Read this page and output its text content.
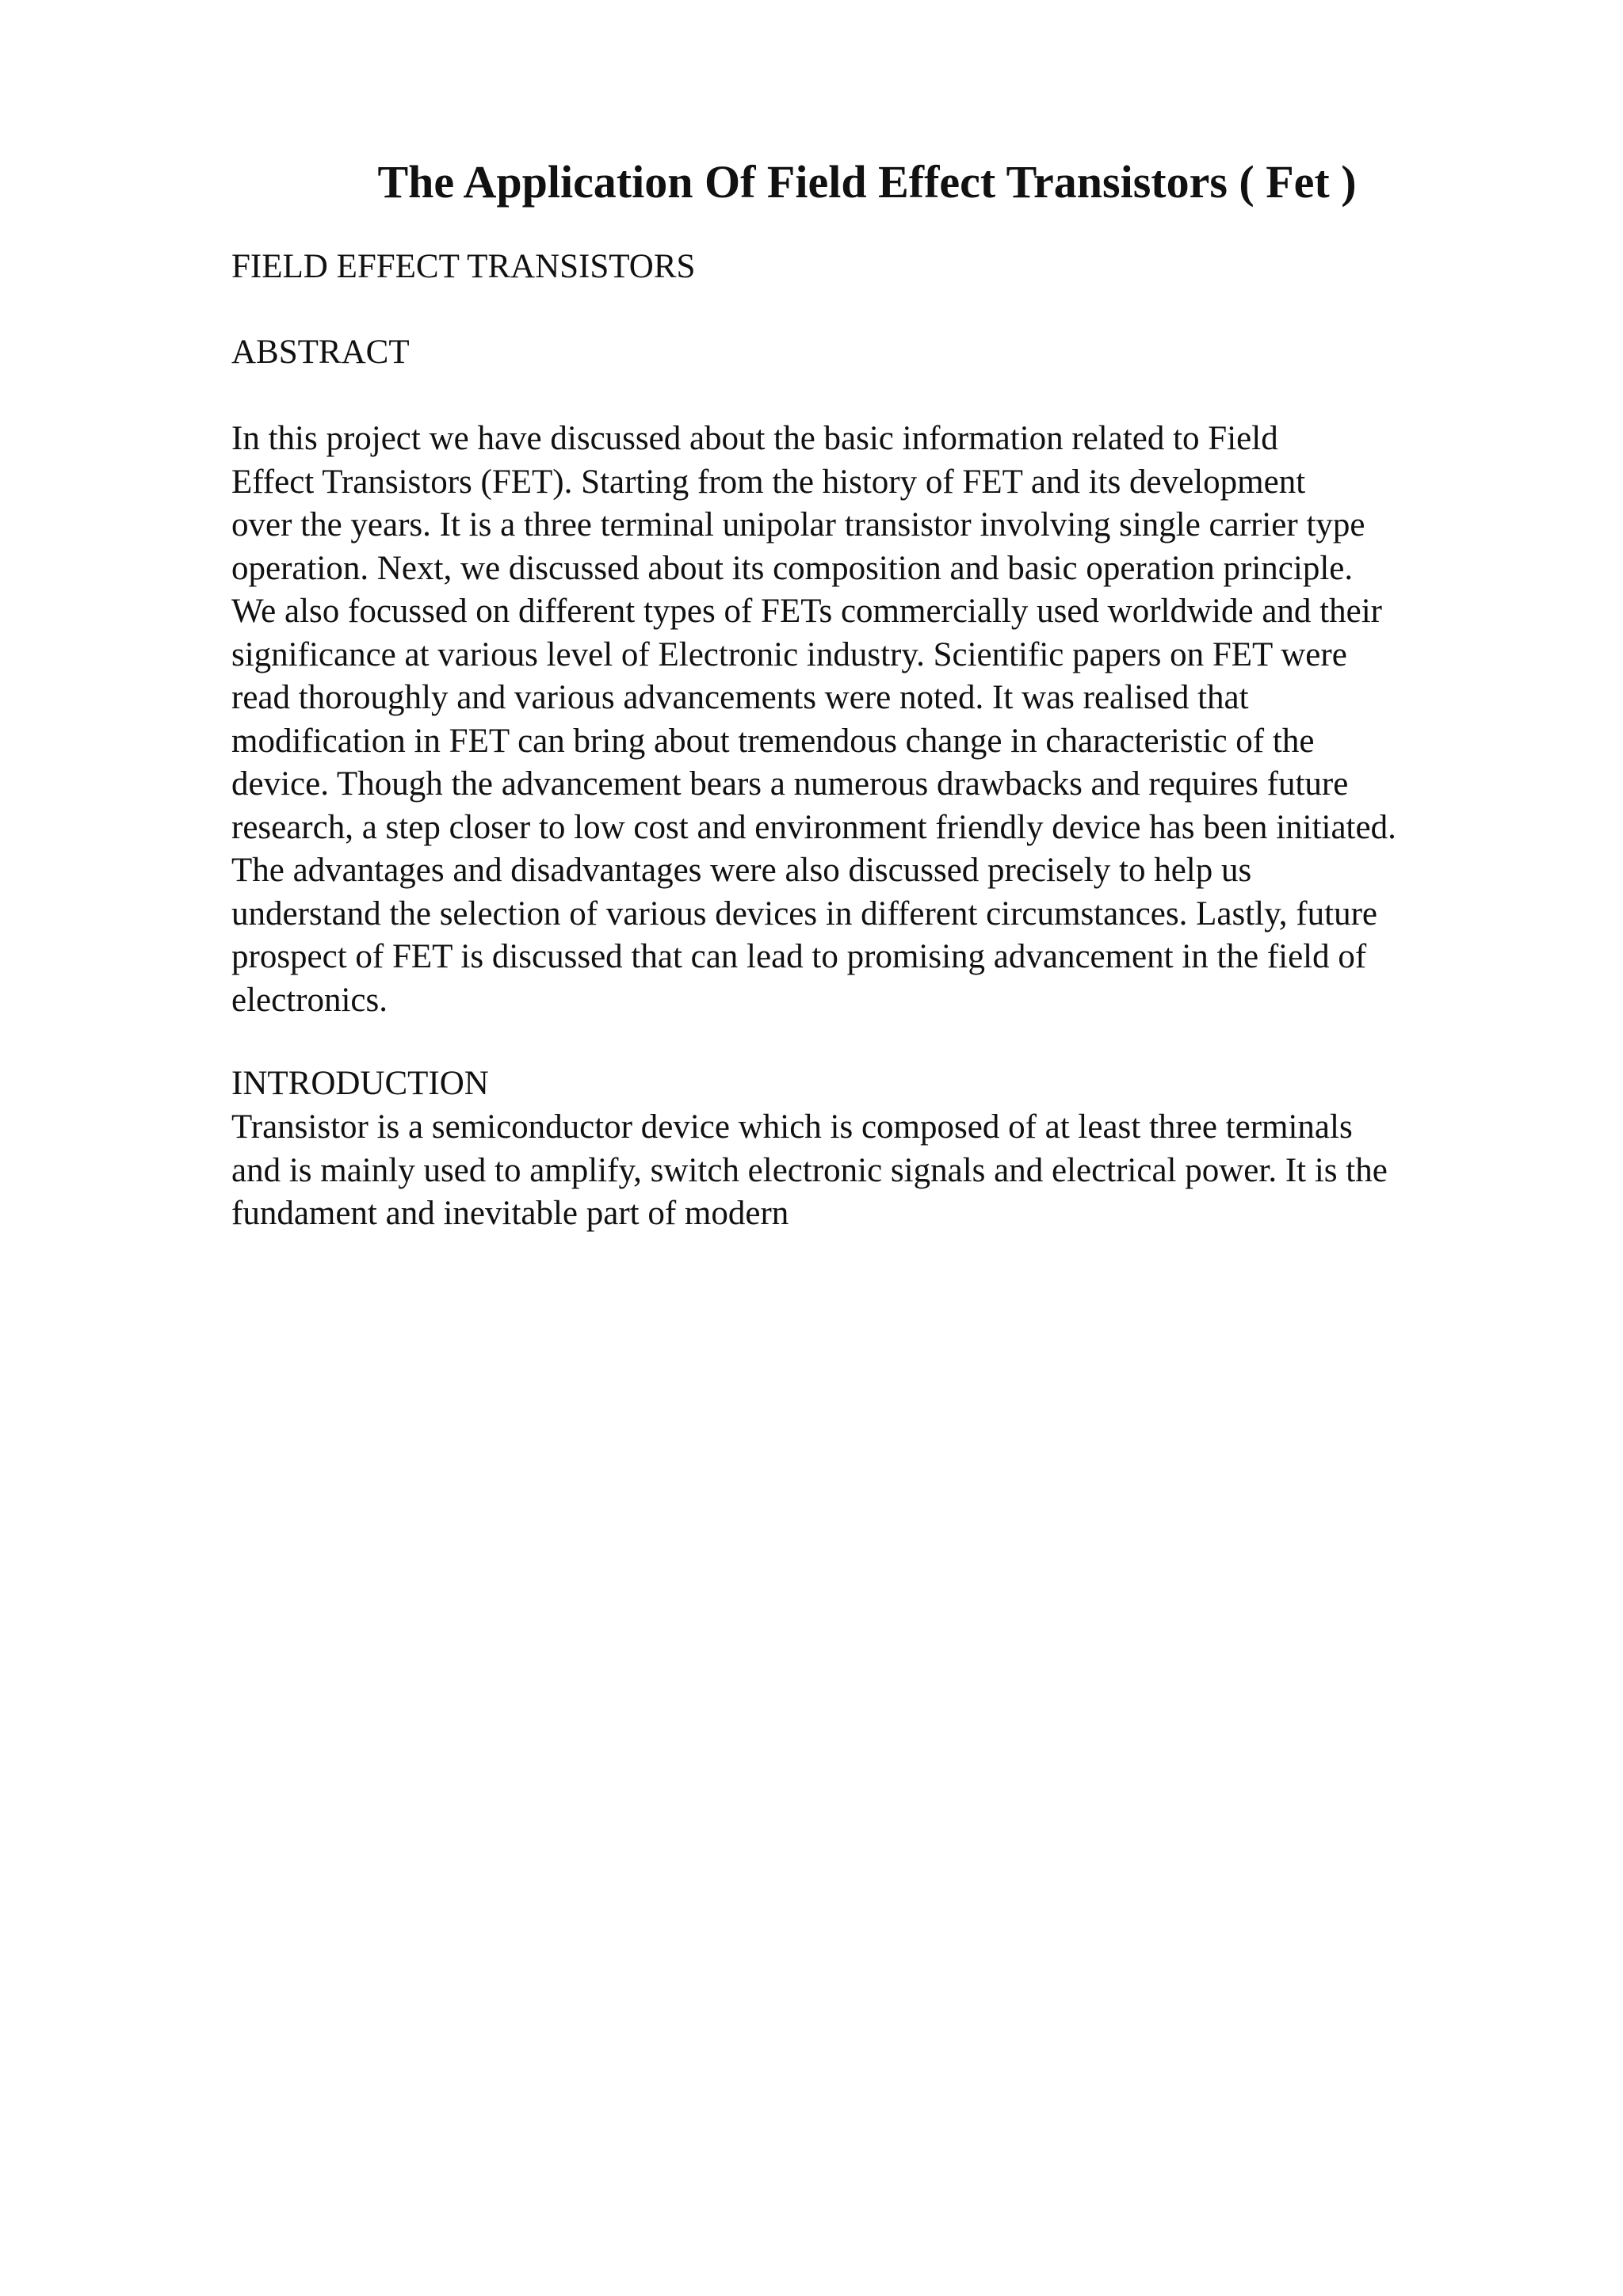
The Application Of Field Effect Transistors ( Fet )

FIELD EFFECT TRANSISTORS

ABSTRACT

In this project we have discussed about the basic information related to Field
Effect Transistors (FET). Starting from the history of FET and its development
over the years. It is a three terminal unipolar transistor involving single carrier type
operation. Next, we discussed about its composition and basic operation principle.
We also focussed on different types of FETs commercially used worldwide and their
significance at various level of Electronic industry. Scientific papers on FET were
read thoroughly and various advancements were noted. It was realised that
modification in FET can bring about tremendous change in characteristic of the
device. Though the advancement bears a numerous drawbacks and requires future
research, a step closer to low cost and environment friendly device has been initiated.
The advantages and disadvantages were also discussed precisely to help us
understand the selection of various devices in different circumstances. Lastly, future
prospect of FET is discussed that can lead to promising advancement in the field of
electronics.

INTRODUCTION

Transistor is a semiconductor device which is composed of at least three terminals
and is mainly used to amplify, switch electronic signals and electrical power. It is the
fundament and inevitable part of modern
